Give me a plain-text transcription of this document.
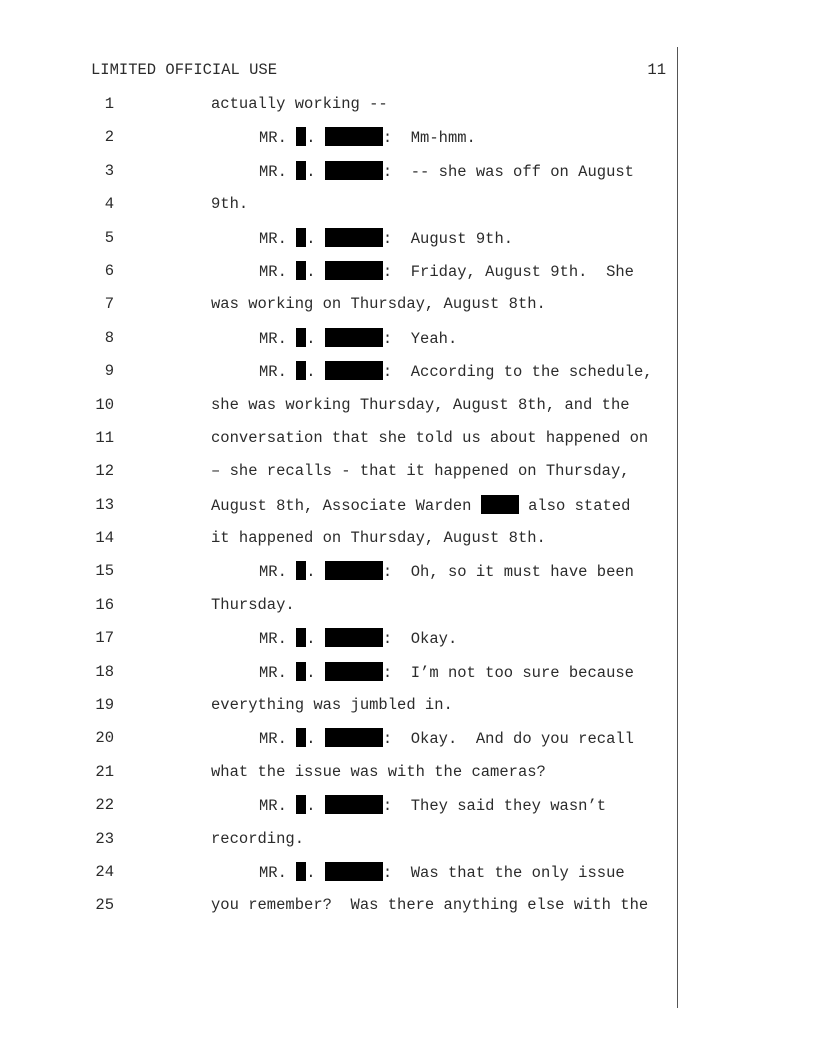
LIMITED OFFICIAL USE	11
1	actually working --
2	MR. .	:  Mm-hmm.
3	MR. .	:  -- she was off on August
4	9th.
5	MR. .	:  August 9th.
6	MR. .	:  Friday, August 9th.  She
7	was working on Thursday, August 8th.
8	MR. .	:  Yeah.
9	MR. .	:  According to the schedule,
10	she was working Thursday, August 8th, and the
11	conversation that she told us about happened on
12	– she recalls - that it happened on Thursday,
13	August 8th, Associate Warden	also stated
14	it happened on Thursday, August 8th.
15	MR. .	:  Oh, so it must have been
16	Thursday.
17	MR. .	:  Okay.
18	MR. .	:  I’m not too sure because
19	everything was jumbled in.
20	MR. .	:  Okay.  And do you recall
21	what the issue was with the cameras?
22	MR. .	:  They said they wasn’t
23	recording.
24	MR. .	:  Was that the only issue
25	you remember?  Was there anything else with the
